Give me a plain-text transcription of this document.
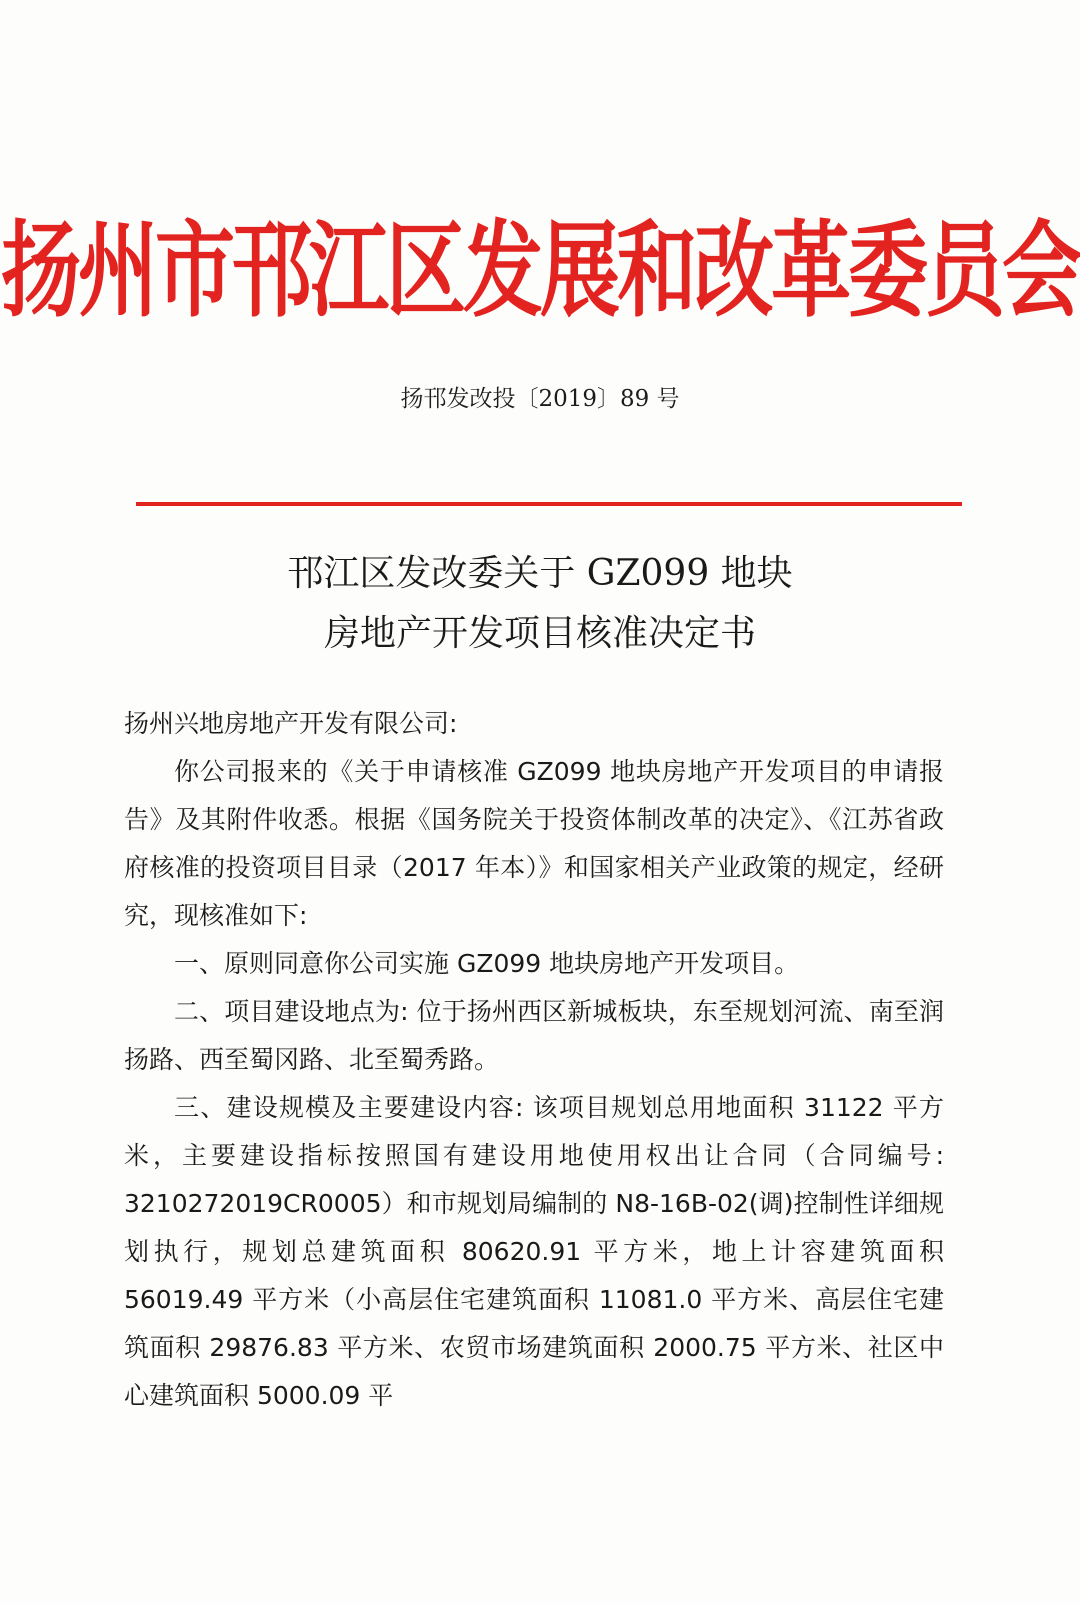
扬州市邗江区发展和改革委员会
扬邗发改投〔2019〕89 号
邗江区发改委关于 GZ099 地块
房地产开发项目核准决定书

扬州兴地房地产开发有限公司:

你公司报来的《关于申请核准 GZ099 地块房地产开发项目的申请报告》及其附件收悉。根据《国务院关于投资体制改革的决定》、《江苏省政府核准的投资项目目录（2017 年本）》和国家相关产业政策的规定，经研究，现核准如下:

一、原则同意你公司实施 GZ099 地块房地产开发项目。

二、项目建设地点为: 位于扬州西区新城板块，东至规划河流、南至润扬路、西至蜀冈路、北至蜀秀路。

三、建设规模及主要建设内容: 该项目规划总用地面积 31122 平方米，主要建设指标按照国有建设用地使用权出让合同（合同编号: 3210272019CR0005）和市规划局编制的 N8-16B-02(调)控制性详细规划执行，规划总建筑面积 80620.91 平方米，地上计容建筑面积 56019.49 平方米（小高层住宅建筑面积 11081.0 平方米、高层住宅建筑面积 29876.83 平方米、农贸市场建筑面积 2000.75 平方米、社区中心建筑面积 5000.09 平
